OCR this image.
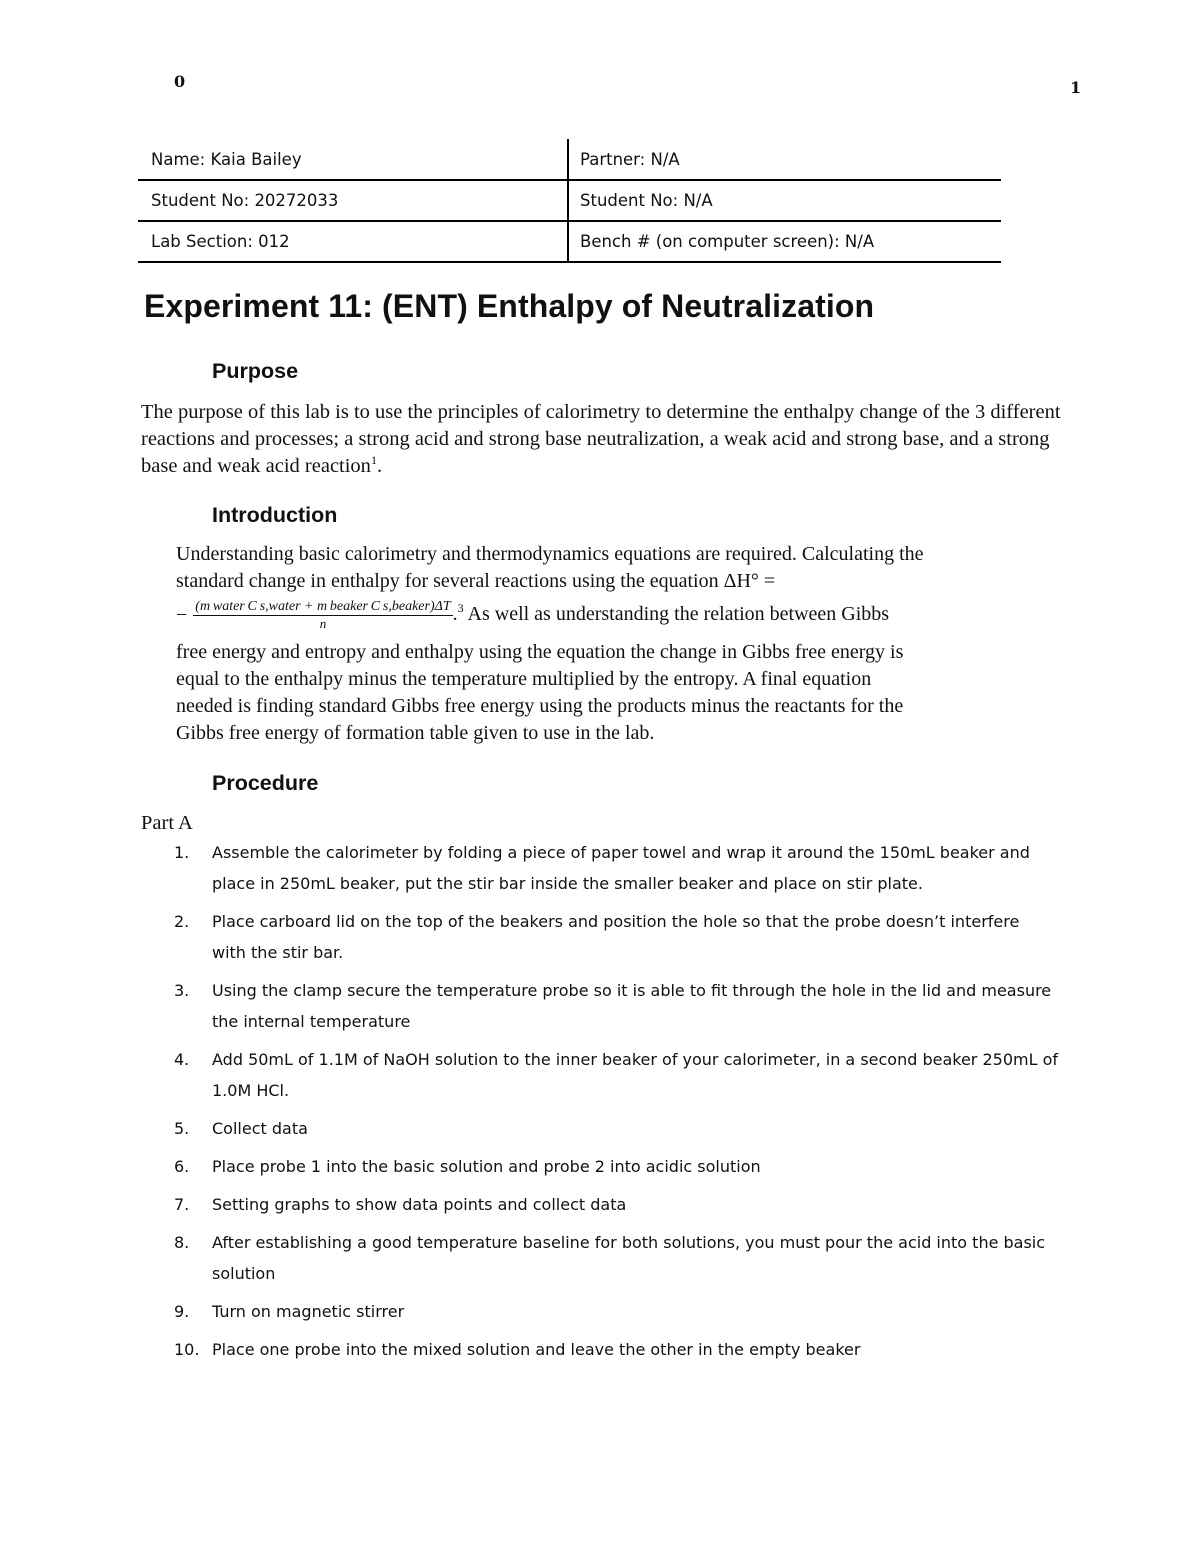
0	1
Name: Kaia Bailey	Partner: N/A
Student No: 20272033	Student No: N/A
Lab Section: 012	Bench # (on computer screen): N/A
Experiment 11: (ENT) Enthalpy of Neutralization
Purpose

The purpose of this lab is to use the principles of calorimetry to determine the enthalpy change of the 3 different reactions and processes; a strong acid and strong base neutralization, a weak acid and strong base, and a strong base and weak acid reaction$^1$.

Introduction
Understanding basic calorimetry and thermodynamics equations are required. Calculating the
standard change in enthalpy for several reactions using the equation ΔH° =
− $\frac{\text{(m water C s,water + m beaker C s,beaker)ΔT}}{n} .^3$ As well as understanding the relation between Gibbs
free energy and entropy and enthalpy using the equation the change in Gibbs free energy is
equal to the enthalpy minus the temperature multiplied by the entropy. A final equation
needed is finding standard Gibbs free energy using the products minus the reactants for the
Gibbs free energy of formation table given to use in the lab.
Procedure
Part A
1. Assemble the calorimeter by folding a piece of paper towel and wrap it around the 150mL beaker and place in 250mL beaker, put the stir bar inside the smaller beaker and place on stir plate.
2. Place carboard lid on the top of the beakers and position the hole so that the probe doesn’t interfere with the stir bar.
3. Using the clamp secure the temperature probe so it is able to fit through the hole in the lid and measure the internal temperature
4. Add 50mL of 1.1M of NaOH solution to the inner beaker of your calorimeter, in a second beaker 250mL of 1.0M HCl.
5. Collect data
6. Place probe 1 into the basic solution and probe 2 into acidic solution
7. Setting graphs to show data points and collect data
8. After establishing a good temperature baseline for both solutions, you must pour the acid into the basic solution
9. Turn on magnetic stirrer
10. Place one probe into the mixed solution and leave the other in the empty beaker
